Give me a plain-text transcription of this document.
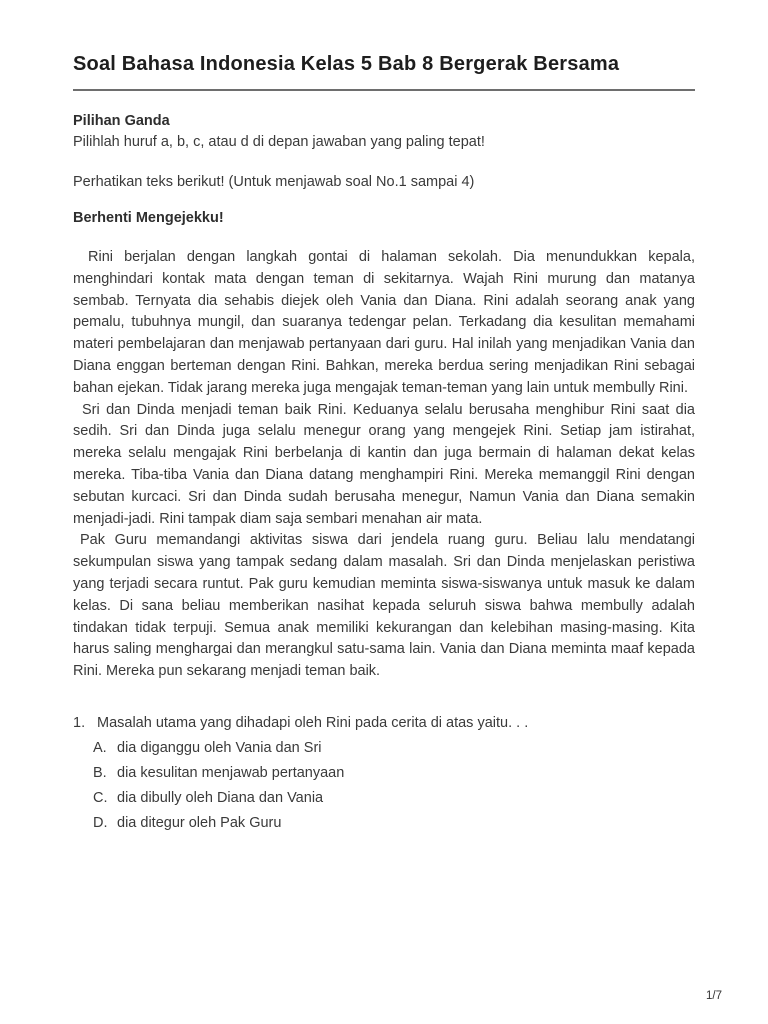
Soal Bahasa Indonesia Kelas 5 Bab 8 Bergerak Bersama
Pilihan Ganda
Pilihlah huruf a, b, c, atau d di depan jawaban yang paling tepat!
Perhatikan teks berikut! (Untuk menjawab soal No.1 sampai 4)
Berhenti Mengejekku!

Rini berjalan dengan langkah gontai di halaman sekolah. Dia menundukkan kepala, menghindari kontak mata dengan teman di sekitarnya. Wajah Rini murung dan matanya sembab. Ternyata dia sehabis diejek oleh Vania dan Diana. Rini adalah seorang anak yang pemalu, tubuhnya mungil, dan suaranya tedengar pelan. Terkadang dia kesulitan memahami materi pembelajaran dan menjawab pertanyaan dari guru. Hal inilah yang menjadikan Vania dan Diana enggan berteman dengan Rini. Bahkan, mereka berdua sering menjadikan Rini sebagai bahan ejekan. Tidak jarang mereka juga mengajak teman-teman yang lain untuk membully Rini.

Sri dan Dinda menjadi teman baik Rini. Keduanya selalu berusaha menghibur Rini saat dia sedih. Sri dan Dinda juga selalu menegur orang yang mengejek Rini. Setiap jam istirahat, mereka selalu mengajak Rini berbelanja di kantin dan juga bermain di halaman dekat kelas mereka. Tiba-tiba Vania dan Diana datang menghampiri Rini. Mereka memanggil Rini dengan sebutan kurcaci. Sri dan Dinda sudah berusaha menegur, Namun Vania dan Diana semakin menjadi-jadi. Rini tampak diam saja sembari menahan air mata.

Pak Guru memandangi aktivitas siswa dari jendela ruang guru. Beliau lalu mendatangi sekumpulan siswa yang tampak sedang dalam masalah. Sri dan Dinda menjelaskan peristiwa yang terjadi secara runtut. Pak guru kemudian meminta siswa-siswanya untuk masuk ke dalam kelas. Di sana beliau memberikan nasihat kepada seluruh siswa bahwa membully adalah tindakan tidak terpuji. Semua anak memiliki kekurangan dan kelebihan masing-masing. Kita harus saling menghargai dan merangkul satu-sama lain. Vania dan Diana meminta maaf kepada Rini. Mereka pun sekarang menjadi teman baik.

1. Masalah utama yang dihadapi oleh Rini pada cerita di atas yaitu. . .
A. dia diganggu oleh Vania dan Sri
B. dia kesulitan menjawab pertanyaan
C. dia dibully oleh Diana dan Vania
D. dia ditegur oleh Pak Guru
1/7
